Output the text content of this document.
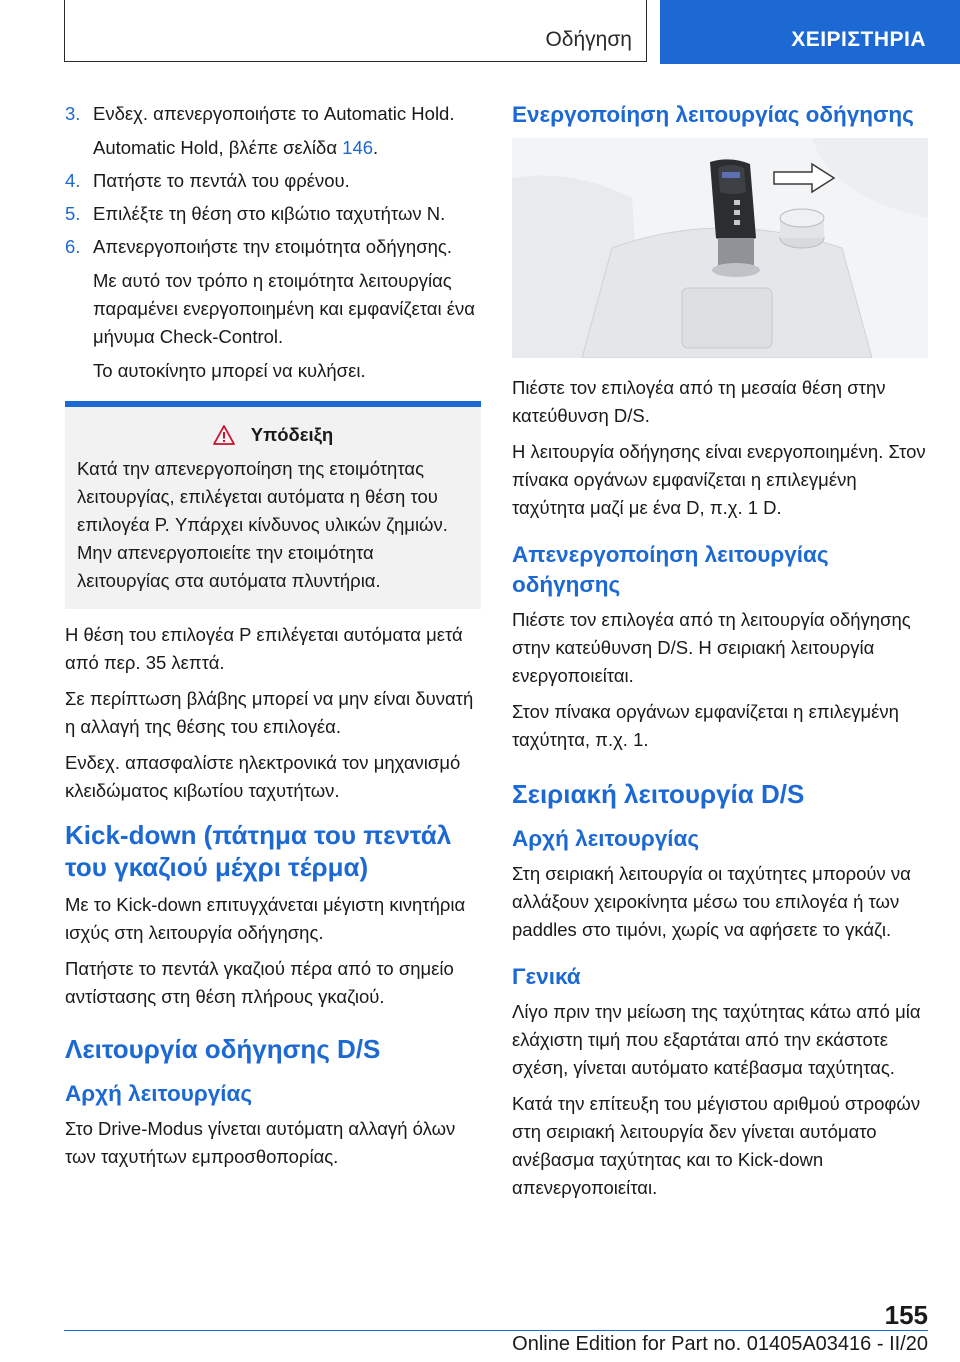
Οδήγηση	ΧΕΙΡΙΣΤΗΡΙΑ
3. Ενδεχ. απενεργοποιήστε το Automatic Hold.
Automatic Hold, βλέπε σελίδα 146.
4. Πατήστε το πεντάλ του φρένου.
5. Επιλέξτε τη θέση στο κιβώτιο ταχυτήτων N.
6. Απενεργοποιήστε την ετοιμότητα οδήγησης.
Με αυτό τον τρόπο η ετοιμότητα λειτουργίας παραμένει ενεργοποιημένη και εμφανίζεται ένα μήνυμα Check-Control.
Το αυτοκίνητο μπορεί να κυλήσει.
Υπόδειξη

Κατά την απενεργοποίηση της ετοιμότητας λειτουργίας, επιλέγεται αυτόματα η θέση του επιλογέα P. Υπάρχει κίνδυνος υλικών ζημιών. Μην απενεργοποιείτε την ετοιμότητα λειτουργίας στα αυτόματα πλυντήρια.

Η θέση του επιλογέα P επιλέγεται αυτόματα μετά από περ. 35 λεπτά.

Σε περίπτωση βλάβης μπορεί να μην είναι δυνατή η αλλαγή της θέσης του επιλογέα.

Ενδεχ. απασφαλίστε ηλεκτρονικά τον μηχανισμό κλειδώματος κιβωτίου ταχυτήτων.

Kick-down (πάτημα του πεντάλ του γκαζιού μέχρι τέρμα)

Με το Kick-down επιτυγχάνεται μέγιστη κινητήρια ισχύς στη λειτουργία οδήγησης.

Πατήστε το πεντάλ γκαζιού πέρα από το σημείο αντίστασης στη θέση πλήρους γκαζιού.

Λειτουργία οδήγησης D/S
Αρχή λειτουργίας

Στο Drive-Modus γίνεται αυτόματη αλλαγή όλων των ταχυτήτων εμπροσθοπορίας.

Ενεργοποίηση λειτουργίας οδήγησης

Πιέστε τον επιλογέα από τη μεσαία θέση στην κατεύθυνση D/S.

Η λειτουργία οδήγησης είναι ενεργοποιημένη. Στον πίνακα οργάνων εμφανίζεται η επιλεγμένη ταχύτητα μαζί με ένα D, π.χ. 1 D.

Απενεργοποίηση λειτουργίας οδήγησης

Πιέστε τον επιλογέα από τη λειτουργία οδήγησης στην κατεύθυνση D/S. Η σειριακή λειτουργία ενεργοποιείται.

Στον πίνακα οργάνων εμφανίζεται η επιλεγμένη ταχύτητα, π.χ. 1.

Σειριακή λειτουργία D/S
Αρχή λειτουργίας

Στη σειριακή λειτουργία οι ταχύτητες μπορούν να αλλάξουν χειροκίνητα μέσω του επιλογέα ή των paddles στο τιμόνι, χωρίς να αφήσετε το γκάζι.

Γενικά

Λίγο πριν την μείωση της ταχύτητας κάτω από μία ελάχιστη τιμή που εξαρτάται από την εκάστοτε σχέση, γίνεται αυτόματο κατέβασμα ταχύτητας.

Κατά την επίτευξη του μέγιστου αριθμού στροφών στη σειριακή λειτουργία δεν γίνεται αυτόματο ανέβασμα ταχύτητας και το Kick-down απενεργοποιείται.

155
Online Edition for Part no. 01405A03416 - II/20
